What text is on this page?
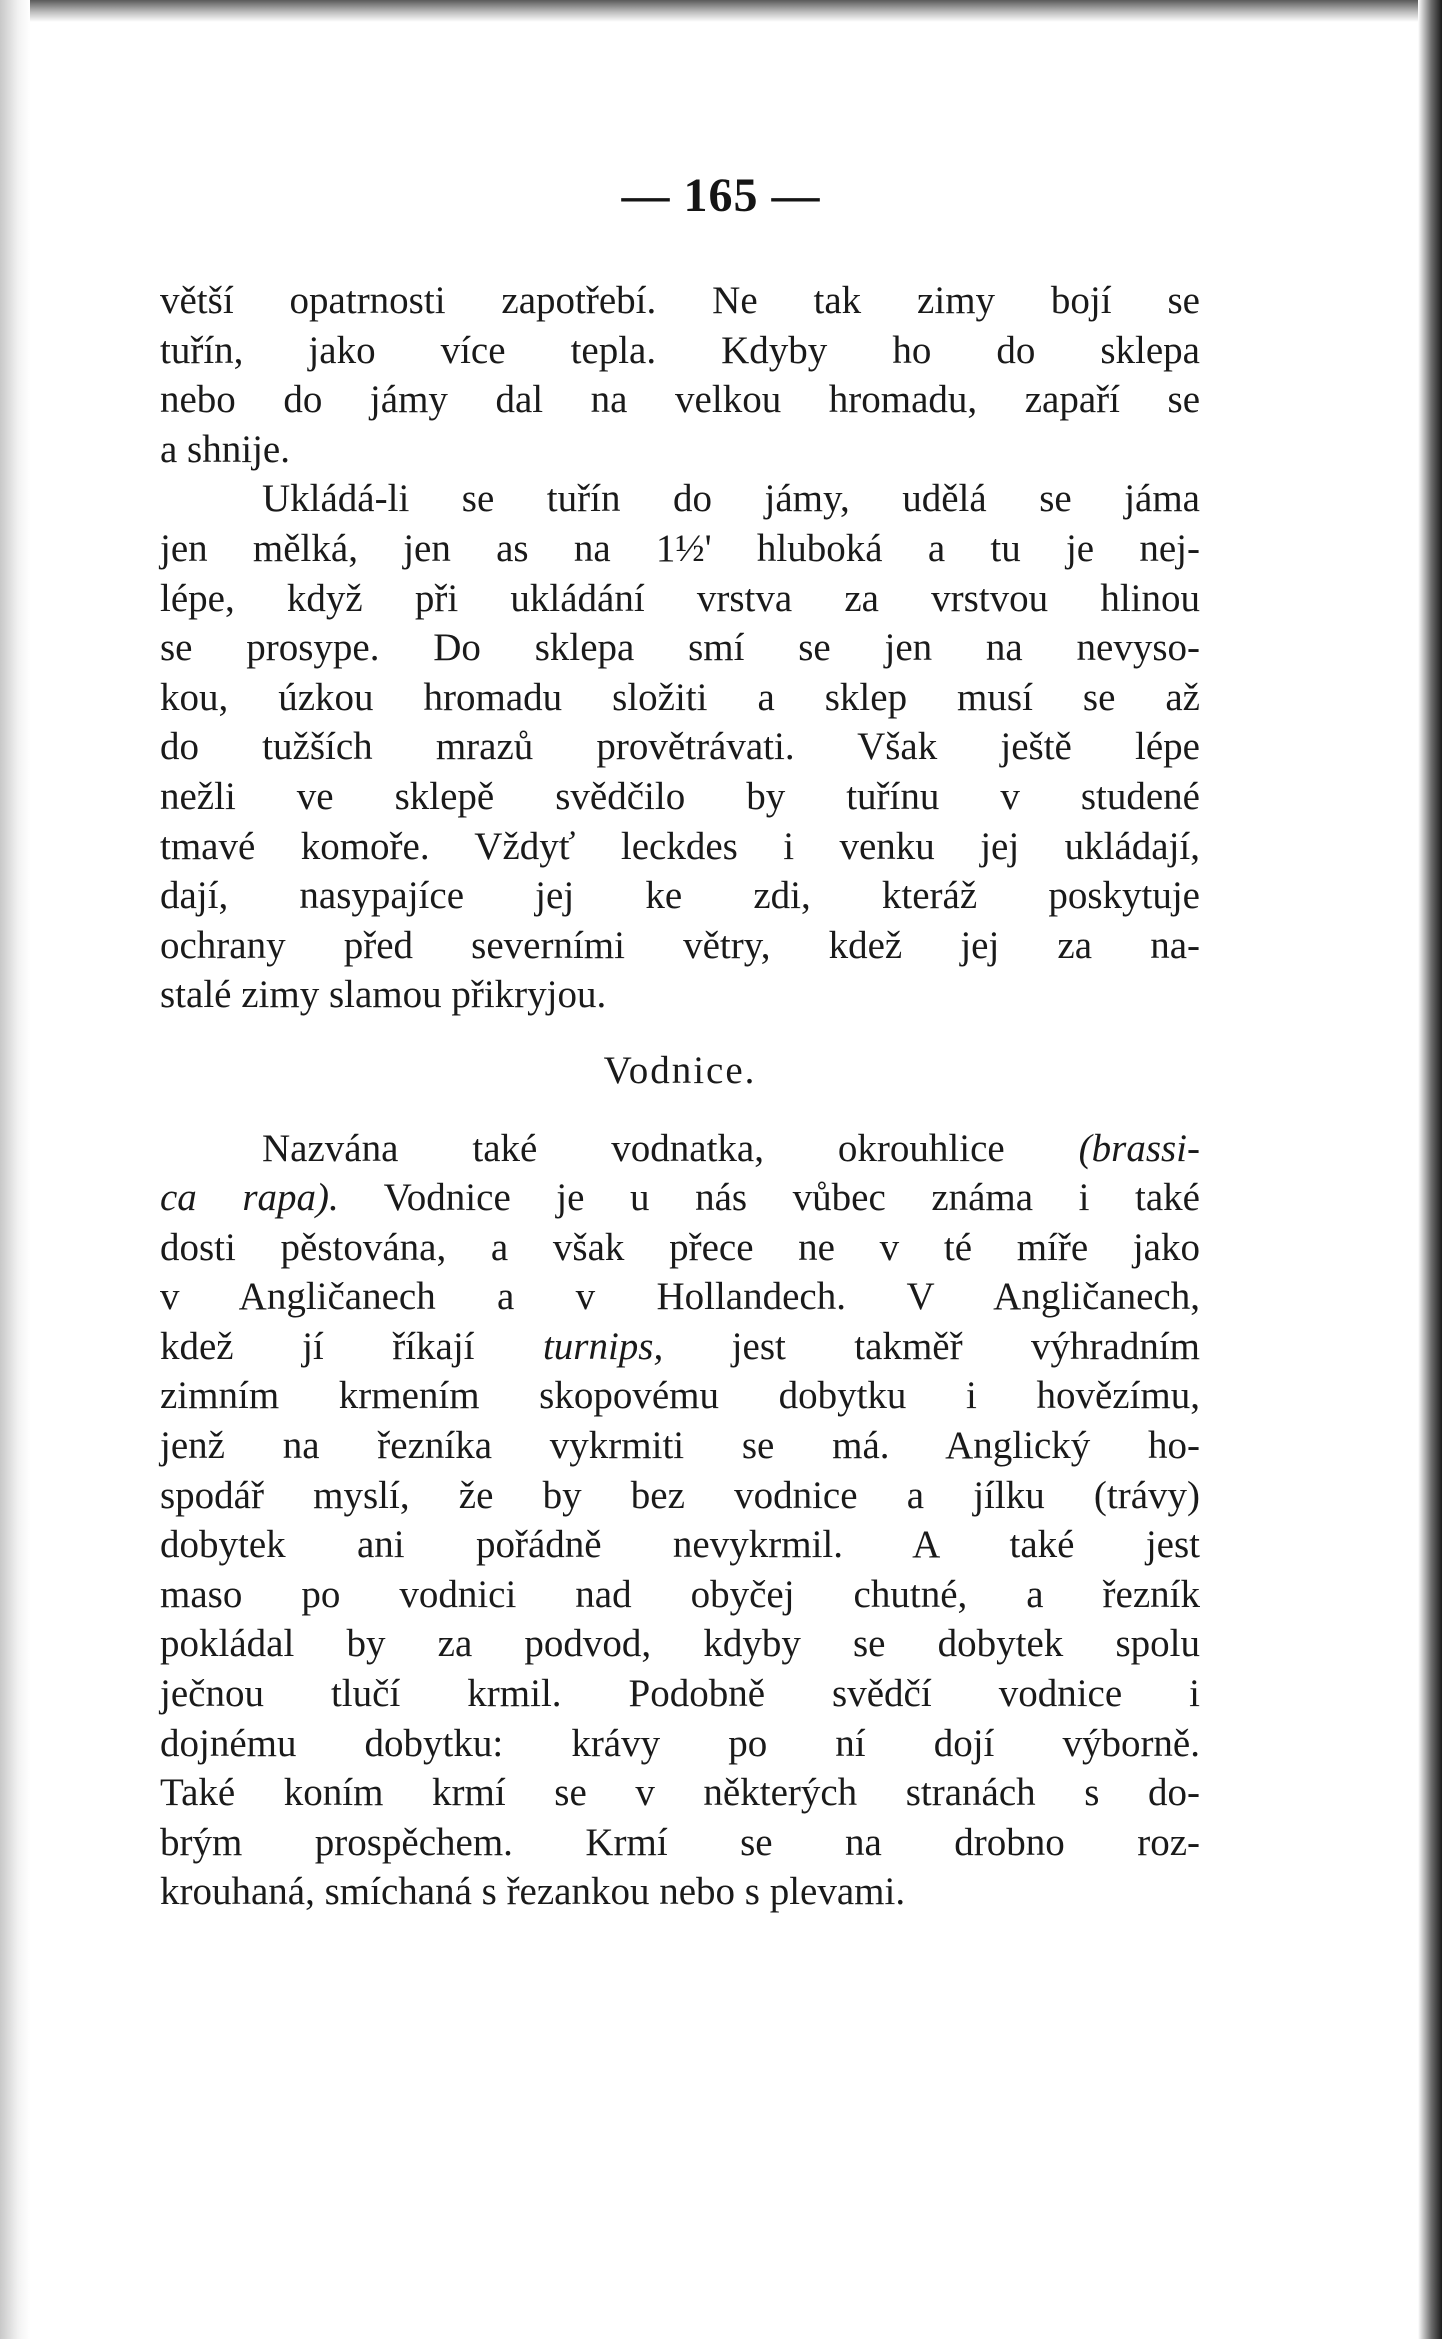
— 165 —
větší opatrnosti zapotřebí. Ne tak zimy bojí se
tuřín, jako více tepla. Kdyby ho do sklepa
nebo do jámy dal na velkou hromadu, zapaří se
a shnije.
Ukládá-li se tuřín do jámy, udělá se jáma
jen mělká, jen as na 1½' hluboká a tu je nej-
lépe, když při ukládání vrstva za vrstvou hlinou
se prosype. Do sklepa smí se jen na nevyso-
kou, úzkou hromadu složiti a sklep musí se až
do tužších mrazů provětrávati. Však ještě lépe
nežli ve sklepě svědčilo by tuřínu v studené
tmavé komoře. Vždyť leckdes i venku jej ukládají,
dají, nasypajíce jej ke zdi, kteráž poskytuje
ochrany před severními větry, kdež jej za na-
stalé zimy slamou přikryjou.
Vodnice.
Nazvána také vodnatka, okrouhlice (brassi-
ca rapa). Vodnice je u nás vůbec známa i také
dosti pěstována, a však přece ne v té míře jako
v Angličanech a v Hollandech. V Angličanech,
kdež jí říkají turnips, jest takměř výhradním
zimním krmením skopovému dobytku i hovězímu,
jenž na řezníka vykrmiti se má. Anglický ho-
spodář myslí, že by bez vodnice a jílku (trávy)
dobytek ani pořádně nevykrmil. A také jest
maso po vodnici nad obyčej chutné, a řezník
pokládal by za podvod, kdyby se dobytek spolu
ječnou tlučí krmil. Podobně svědčí vodnice i
dojnému dobytku: krávy po ní dojí výborně.
Také koním krmí se v některých stranách s do-
brým prospěchem. Krmí se na drobno roz-
krouhaná, smíchaná s řezankou nebo s plevami.
